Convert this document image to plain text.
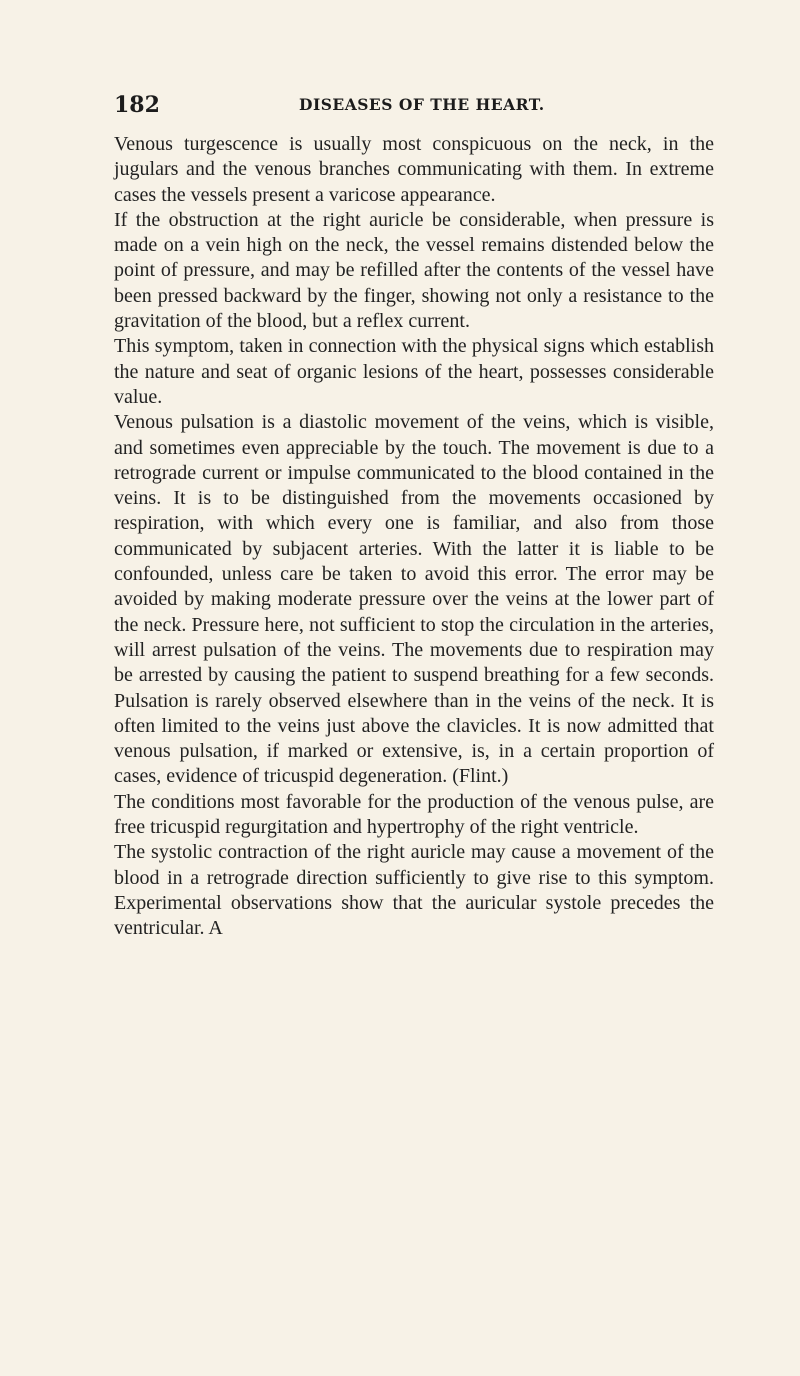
182	DISEASES OF THE HEART.

Venous turgescence is usually most conspicuous on the neck, in the jugulars and the venous branches communicating with them. In extreme cases the vessels present a varicose appearance.

If the obstruction at the right auricle be considerable, when pressure is made on a vein high on the neck, the vessel remains distended below the point of pressure, and may be refilled after the contents of the vessel have been pressed backward by the finger, showing not only a resistance to the gravitation of the blood, but a reflex current.

This symptom, taken in connection with the physical signs which establish the nature and seat of organic lesions of the heart, possesses considerable value.

Venous pulsation is a diastolic movement of the veins, which is visible, and sometimes even appreciable by the touch. The movement is due to a retrograde current or impulse communicated to the blood contained in the veins. It is to be distinguished from the movements occasioned by respiration, with which every one is familiar, and also from those communicated by subjacent arteries. With the latter it is liable to be confounded, unless care be taken to avoid this error. The error may be avoided by making moderate pressure over the veins at the lower part of the neck. Pressure here, not sufficient to stop the circulation in the arteries, will arrest pulsation of the veins. The movements due to respiration may be arrested by causing the patient to suspend breathing for a few seconds. Pulsation is rarely observed elsewhere than in the veins of the neck. It is often limited to the veins just above the clavicles. It is now admitted that venous pulsation, if marked or extensive, is, in a certain proportion of cases, evidence of tricuspid degeneration. (Flint.)

The conditions most favorable for the production of the venous pulse, are free tricuspid regurgitation and hypertrophy of the right ventricle.

The systolic contraction of the right auricle may cause a movement of the blood in a retrograde direction sufficiently to give rise to this symptom. Experimental observations show that the auricular systole precedes the ventricular. A
